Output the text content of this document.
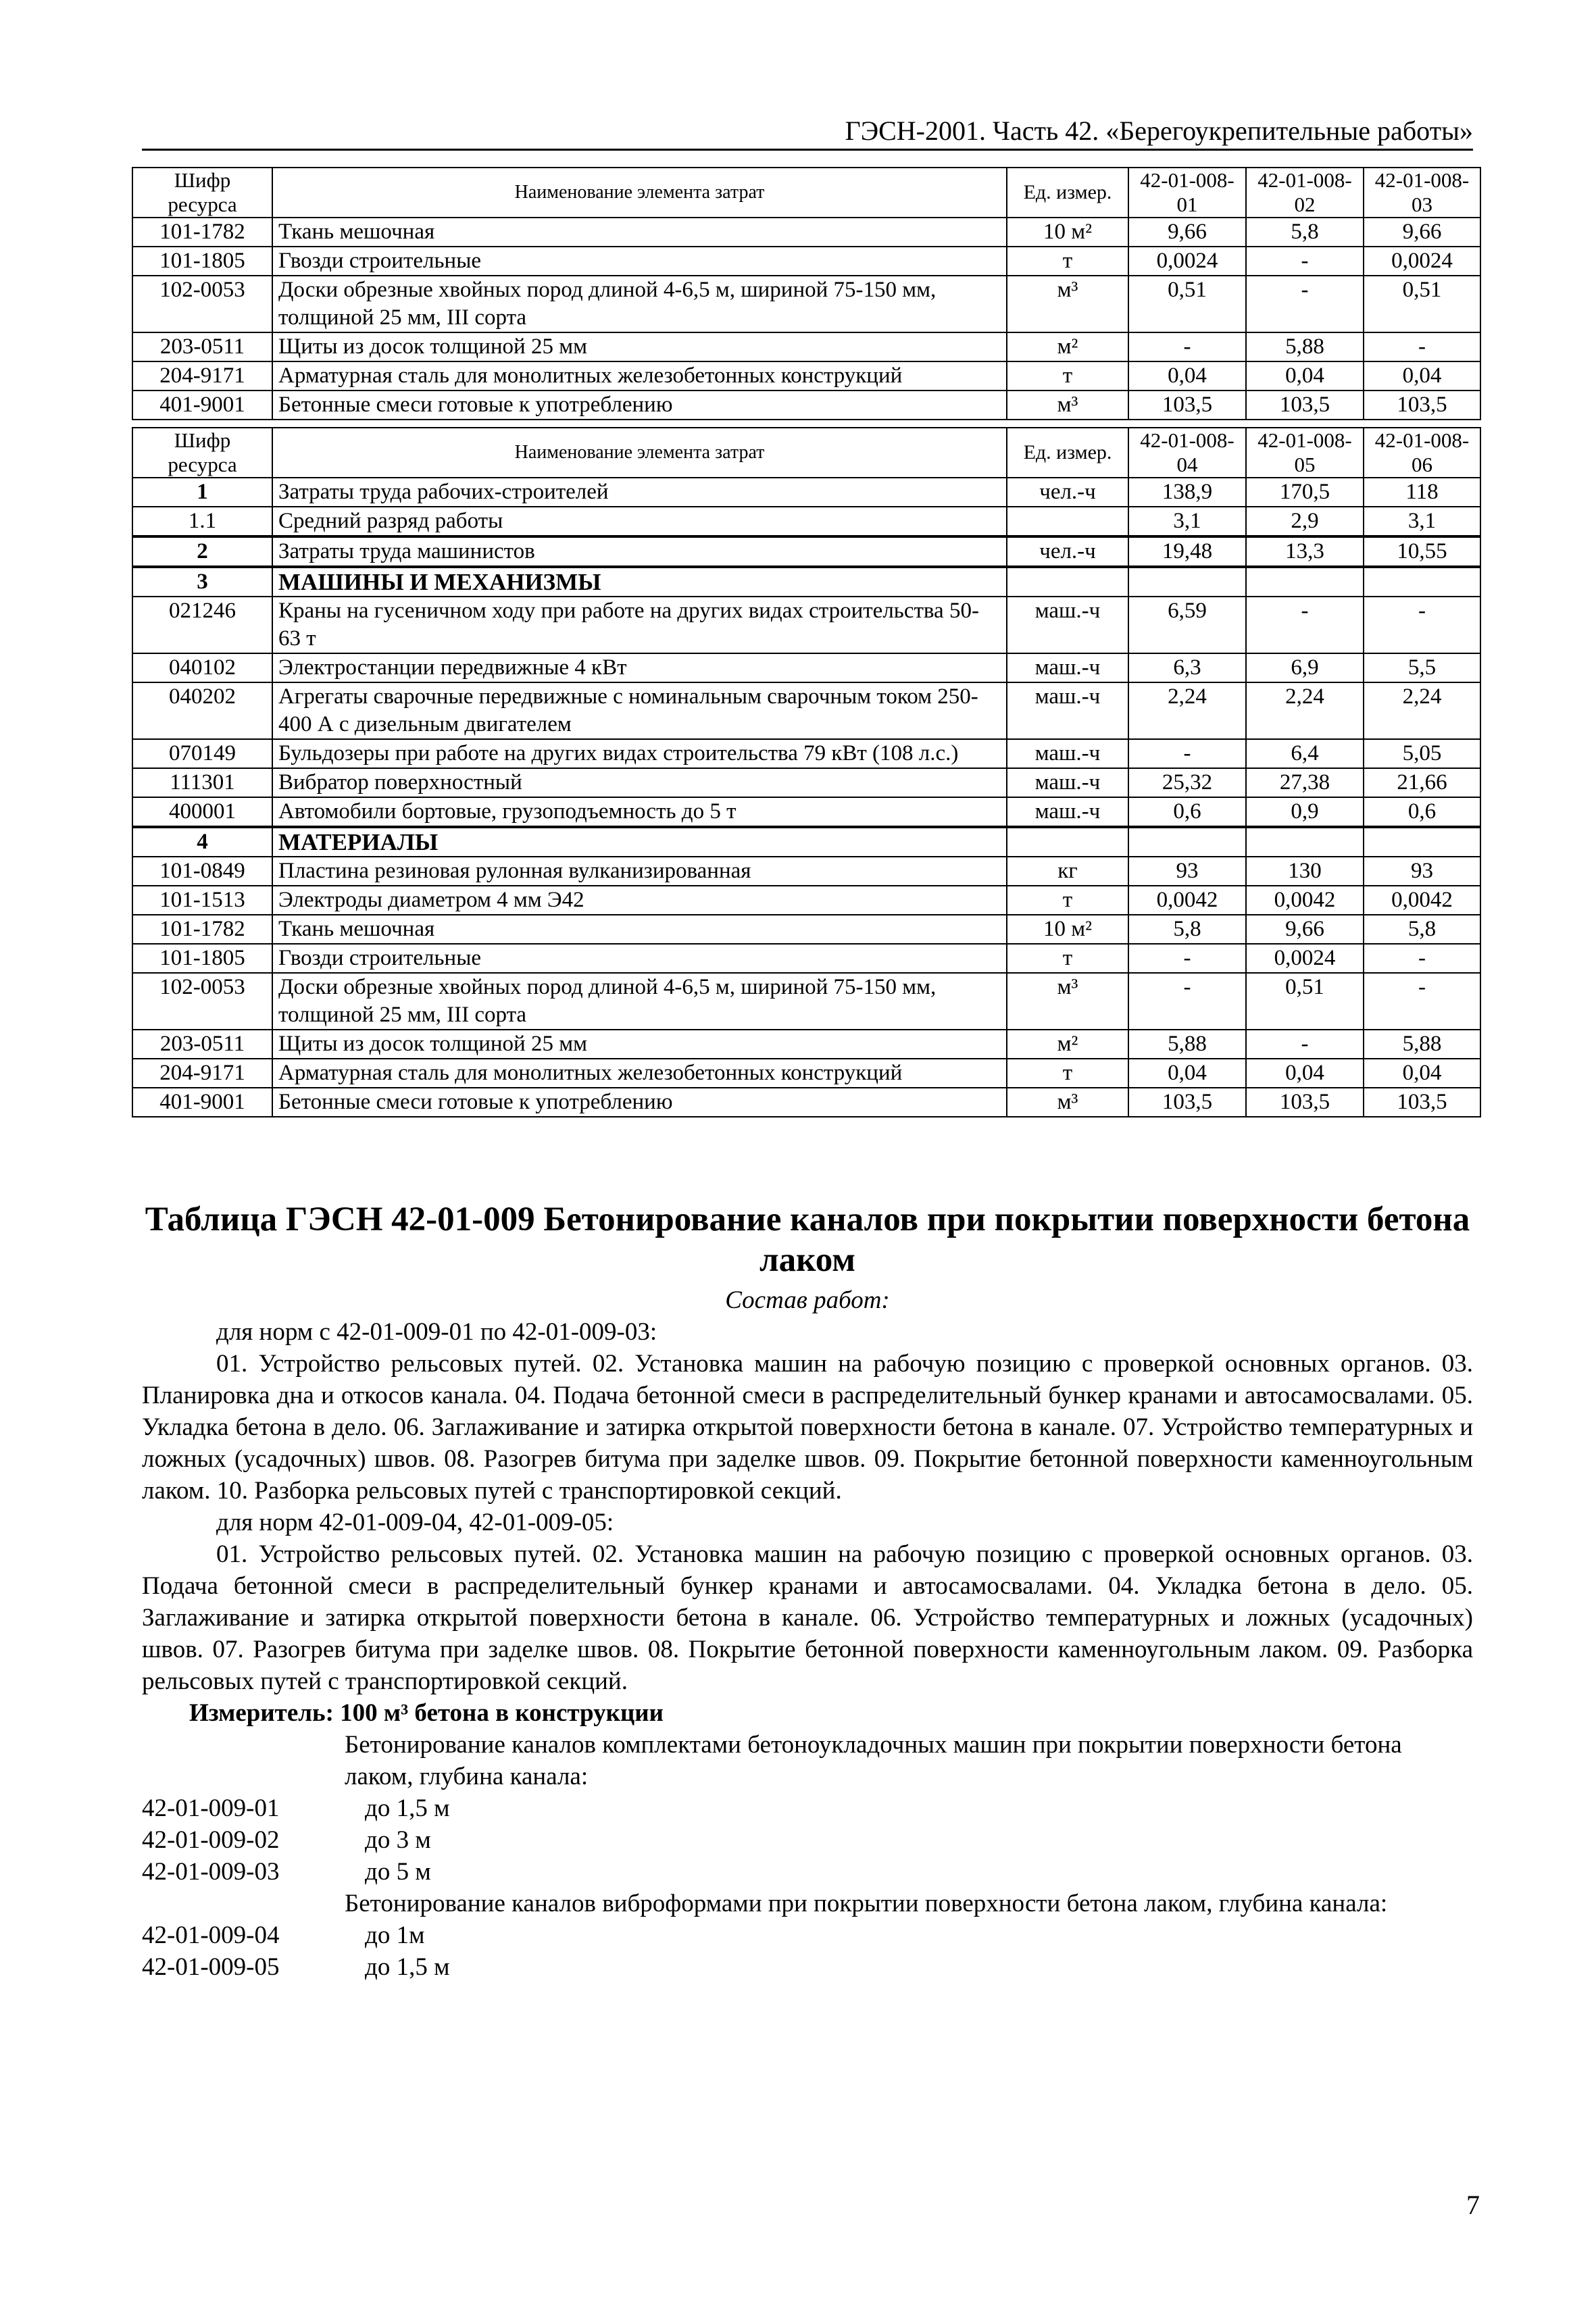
ГЭСН-2001. Часть 42. «Берегоукрепительные работы»
Шифр ресурса	Наименование элемента затрат	Ед. измер.	42-01-008-01	42-01-008-02	42-01-008-03
101-1782	Ткань мешочная	10 м²	9,66	5,8	9,66
101-1805	Гвозди строительные	т	0,0024	-	0,0024
102-0053	Доски обрезные хвойных пород длиной 4-6,5 м, шириной 75-150 мм, толщиной 25 мм, III сорта	м³	0,51	-	0,51
203-0511	Щиты из досок толщиной 25 мм	м²	-	5,88	-
204-9171	Арматурная сталь для монолитных железобетонных конструкций	т	0,04	0,04	0,04
401-9001	Бетонные смеси готовые к употреблению	м³	103,5	103,5	103,5
Шифр ресурса	Наименование элемента затрат	Ед. измер.	42-01-008-04	42-01-008-05	42-01-008-06
1	Затраты труда рабочих-строителей	чел.-ч	138,9	170,5	118
1.1	Средний разряд работы		3,1	2,9	3,1
2	Затраты труда машинистов	чел.-ч	19,48	13,3	10,55
3	МАШИНЫ И МЕХАНИЗМЫ				
021246	Краны на гусеничном ходу при работе на других видах строительства 50-63 т	маш.-ч	6,59	-	-
040102	Электростанции передвижные 4 кВт	маш.-ч	6,3	6,9	5,5
040202	Агрегаты сварочные передвижные с номинальным сварочным током 250-400 А с дизельным двигателем	маш.-ч	2,24	2,24	2,24
070149	Бульдозеры при работе на других видах строительства 79 кВт (108 л.с.)	маш.-ч	-	6,4	5,05
111301	Вибратор поверхностный	маш.-ч	25,32	27,38	21,66
400001	Автомобили бортовые, грузоподъемность до 5 т	маш.-ч	0,6	0,9	0,6
4	МАТЕРИАЛЫ				
101-0849	Пластина резиновая рулонная вулканизированная	кг	93	130	93
101-1513	Электроды диаметром 4 мм Э42	т	0,0042	0,0042	0,0042
101-1782	Ткань мешочная	10 м²	5,8	9,66	5,8
101-1805	Гвозди строительные	т	-	0,0024	-
102-0053	Доски обрезные хвойных пород длиной 4-6,5 м, шириной 75-150 мм, толщиной 25 мм, III сорта	м³	-	0,51	-
203-0511	Щиты из досок толщиной 25 мм	м²	5,88	-	5,88
204-9171	Арматурная сталь для монолитных железобетонных конструкций	т	0,04	0,04	0,04
401-9001	Бетонные смеси готовые к употреблению	м³	103,5	103,5	103,5

Таблица ГЭСН 42-01-009 Бетонирование каналов при покрытии поверхности бетона лаком

Состав работ:

для норм с 42-01-009-01 по 42-01-009-03:

01. Устройство рельсовых путей. 02. Установка машин на рабочую позицию с проверкой основных органов. 03. Планировка дна и откосов канала. 04. Подача бетонной смеси в распределительный бункер кранами и автосамосвалами. 05. Укладка бетона в дело. 06. Заглаживание и затирка открытой поверхности бетона в канале. 07. Устройство температурных и ложных (усадочных) швов. 08. Разогрев битума при заделке швов. 09. Покрытие бетонной поверхности каменноугольным лаком. 10. Разборка рельсовых путей с транспортировкой секций.

для норм 42-01-009-04, 42-01-009-05:

01. Устройство рельсовых путей. 02. Установка машин на рабочую позицию с проверкой основных органов. 03. Подача бетонной смеси в распределительный бункер кранами и автосамосвалами. 04. Укладка бетона в дело. 05. Заглаживание и затирка открытой поверхности бетона в канале. 06. Устройство температурных и ложных (усадочных) швов. 07. Разогрев битума при заделке швов. 08. Покрытие бетонной поверхности каменноугольным лаком. 09. Разборка рельсовых путей с транспортировкой секций.

Измеритель: 100 м³ бетона в конструкции

Бетонирование каналов комплектами бетоноукладочных машин при покрытии поверхности бетона лаком, глубина канала:

42-01-009-01	до 1,5 м
42-01-009-02	до 3 м
42-01-009-03	до 5 м

Бетонирование каналов виброформами при покрытии поверхности бетона лаком, глубина канала:

42-01-009-04	до 1м
42-01-009-05	до 1,5 м
7
